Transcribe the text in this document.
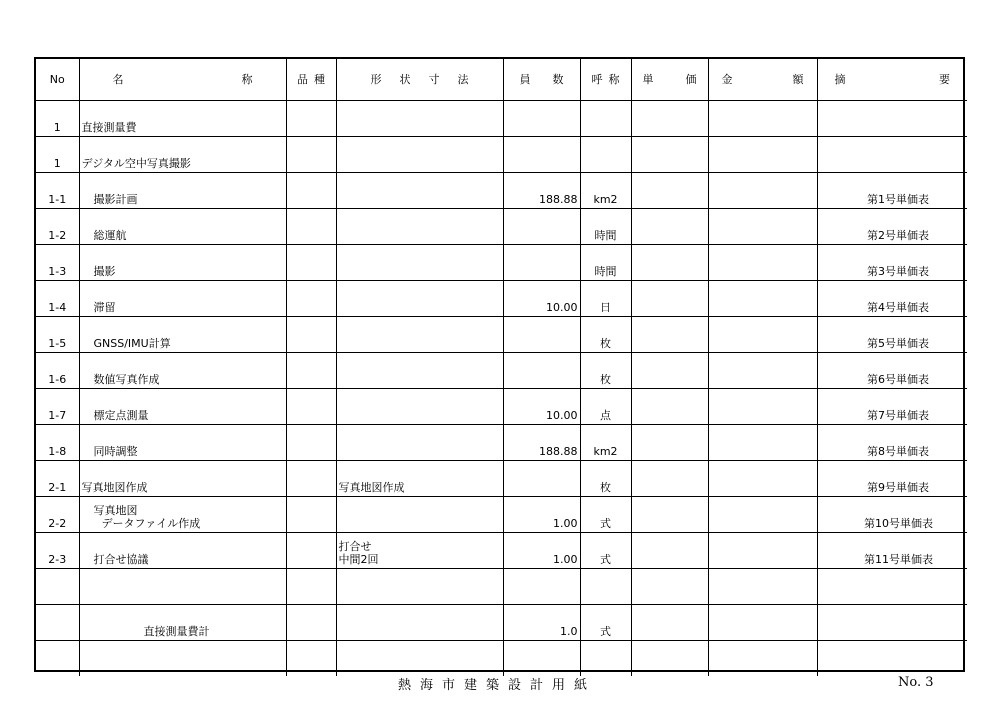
No	名 称	品 種	形 状 寸 法	員 数	呼 称	単 価	金 額	摘 要

1	直接測量費							
1	デジタル空中写真撮影							
1-1	撮影計画			188.88	km2			第1号単価表
1-2	総運航				時間			第2号単価表
1-3	撮影				時間			第3号単価表
1-4	滞留			10.00	日			第4号単価表
1-5	GNSS/IMU計算				枚			第5号単価表
1-6	数値写真作成				枚			第6号単価表
1-7	標定点測量			10.00	点			第7号単価表
1-8	同時調整			188.88	km2			第8号単価表
2-1	写真地図作成		写真地図作成		枚			第9号単価表
2-2	写真地図
データファイル作成			1.00	式			第10号単価表
2-3	打合せ協議		打合せ
中間2回	1.00	式			第11号単価表

	直接測量費計			1.0	式			

熱海市建築設計用紙	No. 3
